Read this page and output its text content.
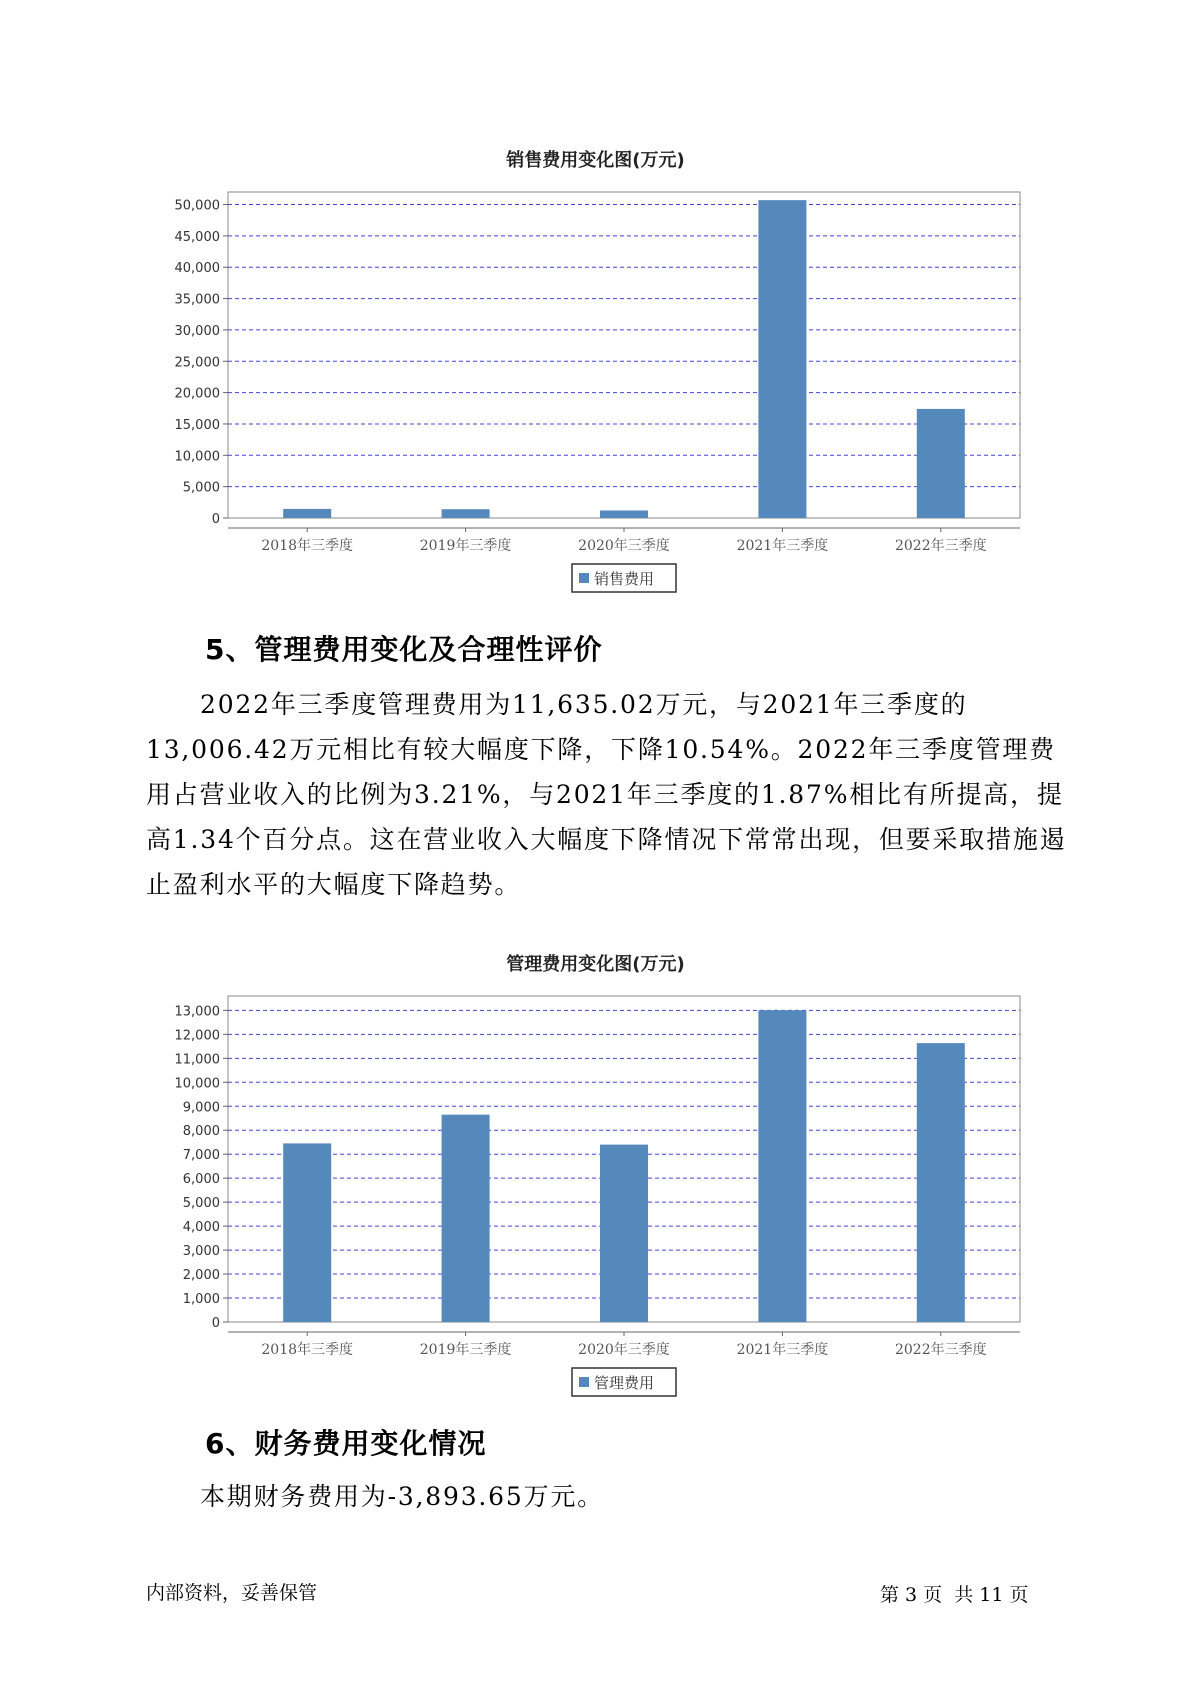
销售费用变化图(万元)
0
5,000
10,000
15,000
20,000
25,000
30,000
35,000
40,000
45,000
50,000
2018年三季度	2019年三季度	2020年三季度	2021年三季度	2022年三季度
销售费用
5、管理费用变化及合理性评价

2022年三季度管理费用为11,635.02万元，与2021年三季度的13,006.42万元相比有较大幅度下降，下降10.54%。2022年三季度管理费用占营业收入的比例为3.21%，与2021年三季度的1.87%相比有所提高，提高1.34个百分点。这在营业收入大幅度下降情况下常常出现，但要采取措施遏止盈利水平的大幅度下降趋势。

管理费用变化图(万元)
0
1,000
2,000
3,000
4,000
5,000
6,000
7,000
8,000
9,000
10,000
11,000
12,000
13,000
2018年三季度	2019年三季度	2020年三季度	2021年三季度	2022年三季度
管理费用
6、财务费用变化情况

本期财务费用为-3,893.65万元。

内部资料，妥善保管	第 3 页  共 11 页
